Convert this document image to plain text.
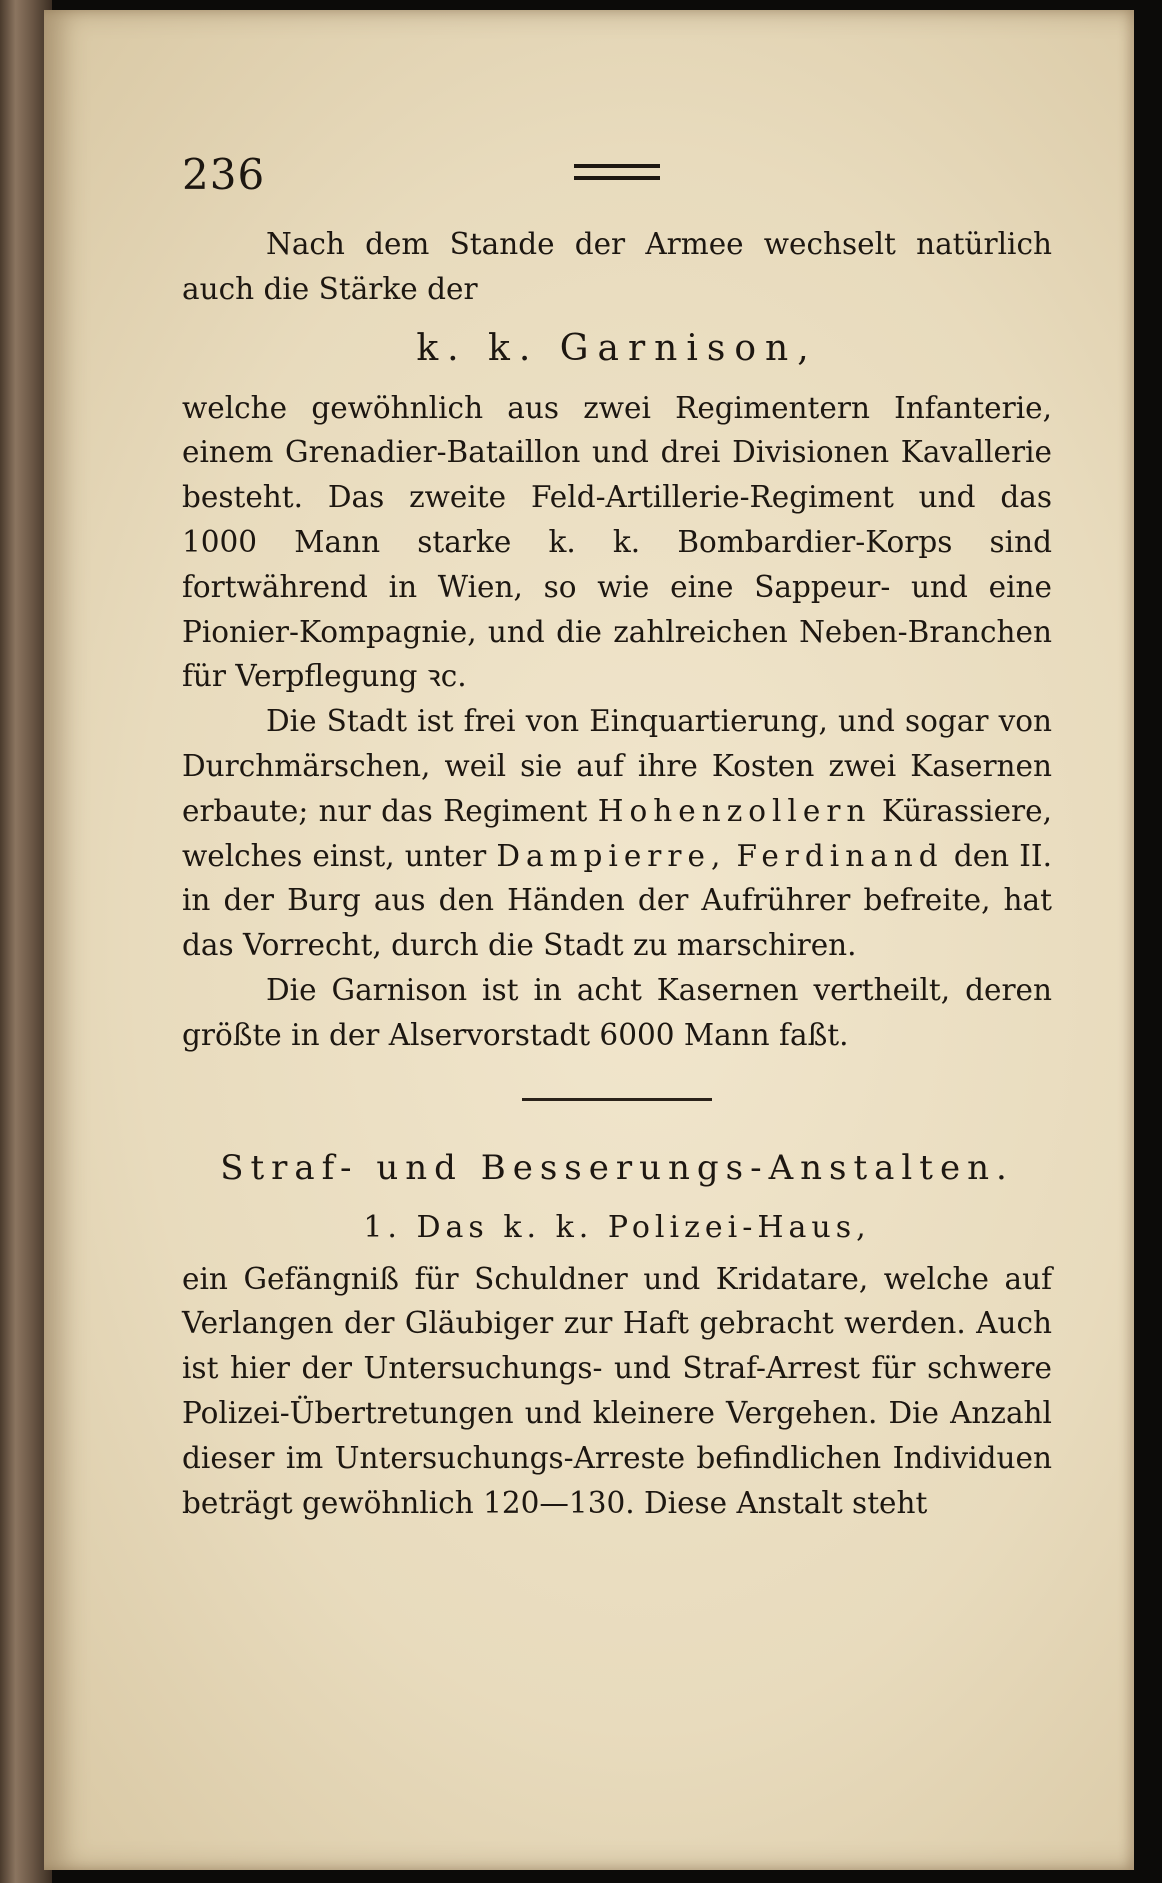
236

Nach dem Stande der Armee wechselt natürlich auch die Stärke der

k. k. Garnison,

welche gewöhnlich aus zwei Regimentern Infanterie, einem Grenadier-Bataillon und drei Divisionen Kavallerie besteht. Das zweite Feld-Artillerie-Regiment und das 1000 Mann starke k. k. Bombardier-Korps sind fortwährend in Wien, so wie eine Sappeur- und eine Pionier-Kompagnie, und die zahlreichen Neben-Branchen für Verpflegung ꝛc.

Die Stadt ist frei von Einquartierung, und sogar von Durchmärschen, weil sie auf ihre Kosten zwei Kasernen erbaute; nur das Regiment Hohenzollern Kürassiere, welches einst, unter Dampierre, Ferdinand den II. in der Burg aus den Händen der Aufrührer befreite, hat das Vorrecht, durch die Stadt zu marschiren.

Die Garnison ist in acht Kasernen vertheilt, deren größte in der Alservorstadt 6000 Mann faßt.

Straf- und Besserungs-Anstalten.
1. Das k. k. Polizei-Haus,

ein Gefängniß für Schuldner und Kridatare, welche auf Verlangen der Gläubiger zur Haft gebracht werden. Auch ist hier der Untersuchungs- und Straf-Arrest für schwere Polizei-Übertretungen und kleinere Vergehen. Die Anzahl dieser im Untersuchungs-Arreste befindlichen Individuen beträgt gewöhnlich 120—130. Diese Anstalt steht
